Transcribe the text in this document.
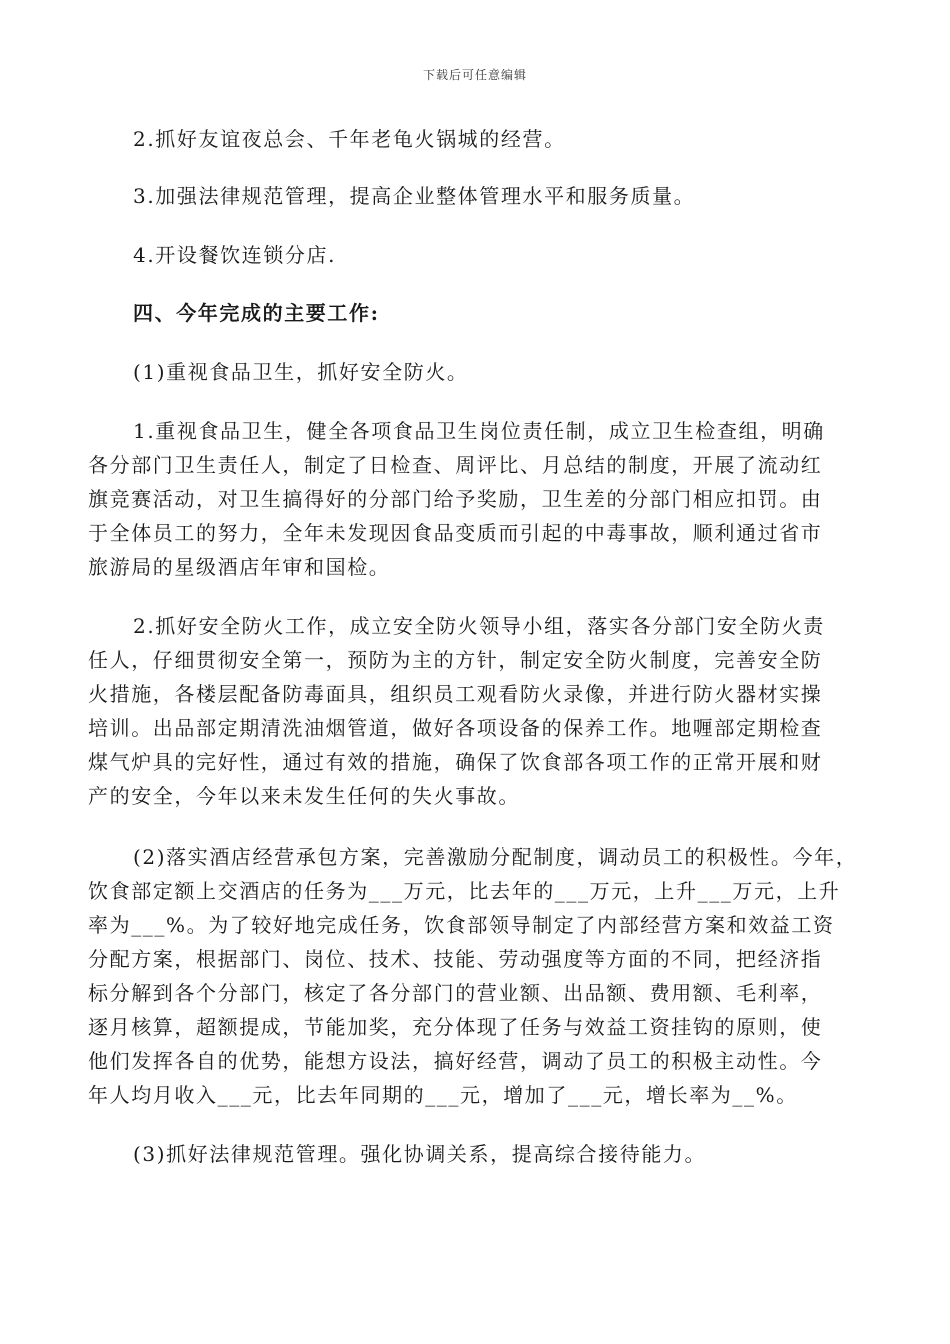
下载后可任意编辑
2.抓好友谊夜总会、千年老龟火锅城的经营。
3.加强法律规范管理，提高企业整体管理水平和服务质量。
4.开设餐饮连锁分店.
四、今年完成的主要工作:
(1)重视食品卫生，抓好安全防火。
1.重视食品卫生，健全各项食品卫生岗位责任制，成立卫生检查组，明确
各分部门卫生责任人，制定了日检查、周评比、月总结的制度，开展了流动红
旗竞赛活动，对卫生搞得好的分部门给予奖励，卫生差的分部门相应扣罚。由
于全体员工的努力，全年未发现因食品变质而引起的中毒事故，顺利通过省市
旅游局的星级酒店年审和国检。
2.抓好安全防火工作，成立安全防火领导小组，落实各分部门安全防火责
任人，仔细贯彻安全第一，预防为主的方针，制定安全防火制度，完善安全防
火措施，各楼层配备防毒面具，组织员工观看防火录像，并进行防火器材实操
培训。出品部定期清洗油烟管道，做好各项设备的保养工作。地喱部定期检查
煤气炉具的完好性，通过有效的措施，确保了饮食部各项工作的正常开展和财
产的安全，今年以来未发生任何的失火事故。
(2)落实酒店经营承包方案，完善激励分配制度，调动员工的积极性。今年，
饮食部定额上交酒店的任务为___万元，比去年的___万元，上升___万元，上升
率为___%。为了较好地完成任务，饮食部领导制定了内部经营方案和效益工资
分配方案，根据部门、岗位、技术、技能、劳动强度等方面的不同，把经济指
标分解到各个分部门，核定了各分部门的营业额、出品额、费用额、毛利率，
逐月核算，超额提成，节能加奖，充分体现了任务与效益工资挂钩的原则，使
他们发挥各自的优势，能想方设法，搞好经营，调动了员工的积极主动性。今
年人均月收入___元，比去年同期的___元，增加了___元，增长率为__%。
(3)抓好法律规范管理。强化协调关系，提高综合接待能力。
